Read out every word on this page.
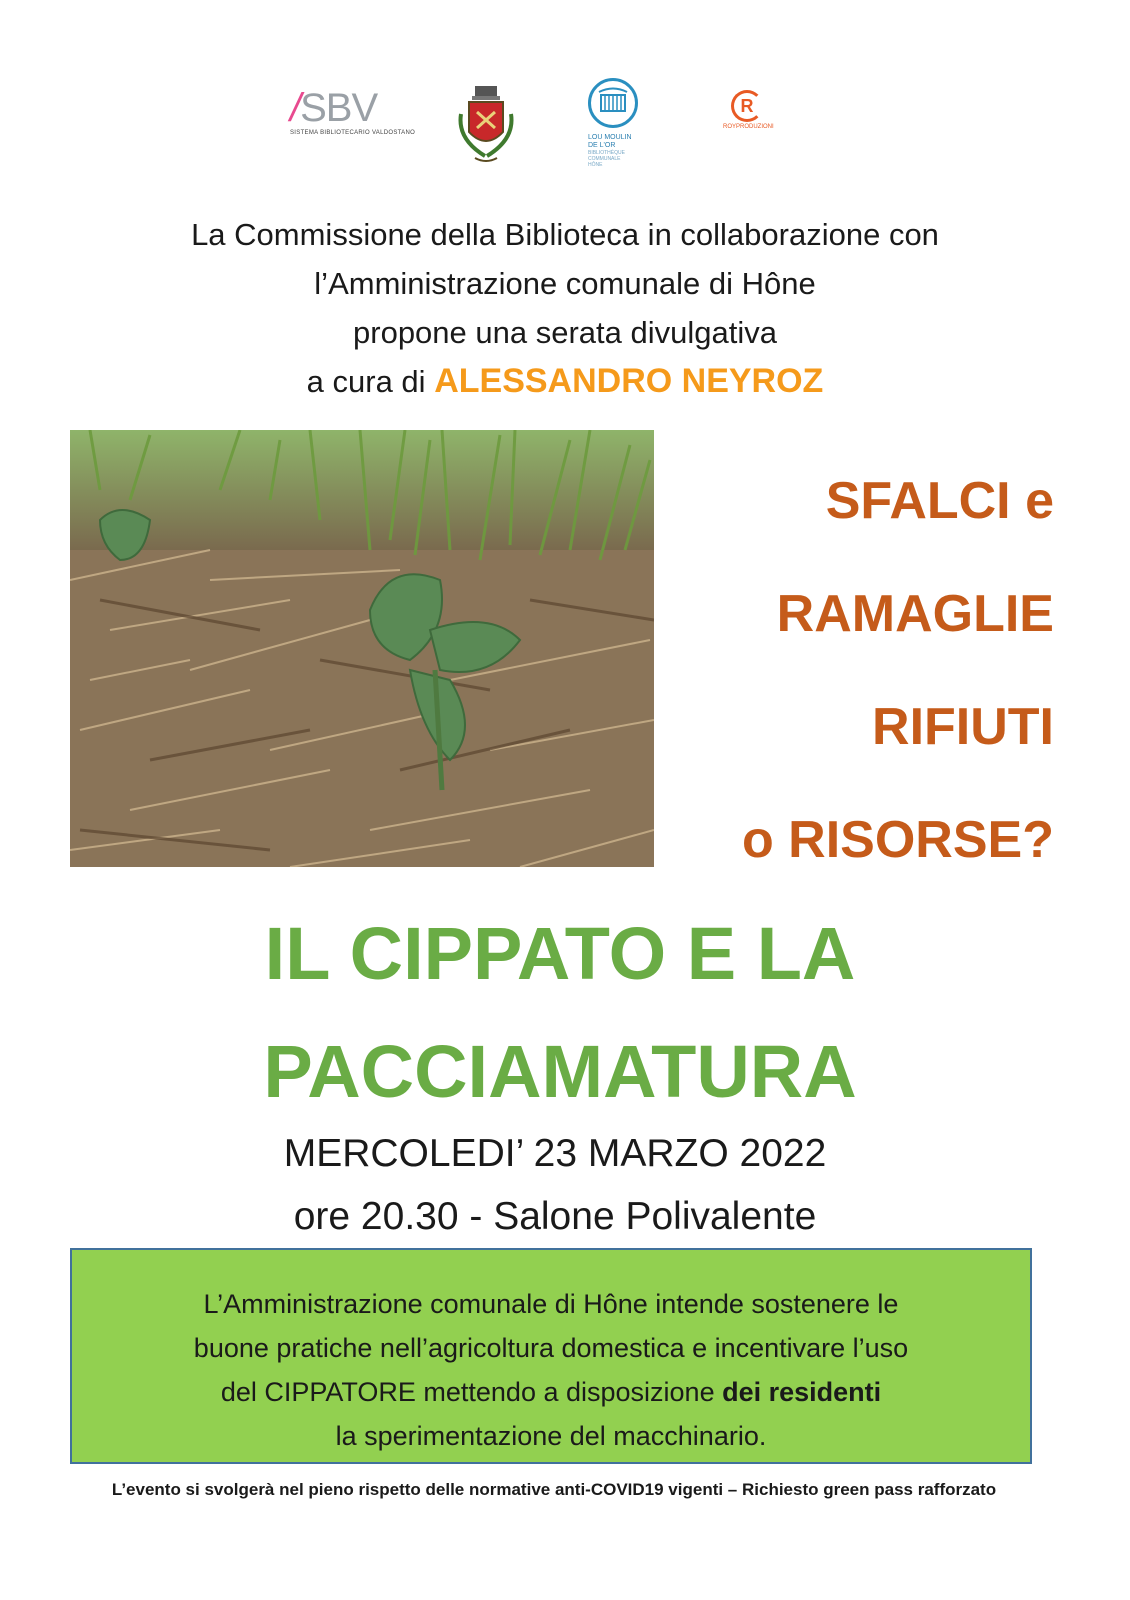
/SBV
SISTEMA BIBLIOTECARIO VALDOSTANO
LOU MOULIN
DE L'OR
BIBLIOTHÈQUE
COMMUNALE
HÔNE
R
ROYPRODUZIONI
La Commissione della Biblioteca in collaborazione con
l’Amministrazione comunale di Hône
propone una serata divulgativa
a cura di ALESSANDRO NEYROZ
SFALCI e
RAMAGLIE
RIFIUTI
o RISORSE?
IL CIPPATO E LA
PACCIAMATURA
MERCOLEDI’ 23 MARZO 2022
ore 20.30 - Salone Polivalente
L’Amministrazione comunale di Hône intende sostenere le
buone pratiche nell’agricoltura domestica e incentivare l’uso
del CIPPATORE mettendo a disposizione dei residenti
la sperimentazione del macchinario.
L’evento si svolgerà nel pieno rispetto delle normative anti-COVID19 vigenti – Richiesto green pass rafforzato
